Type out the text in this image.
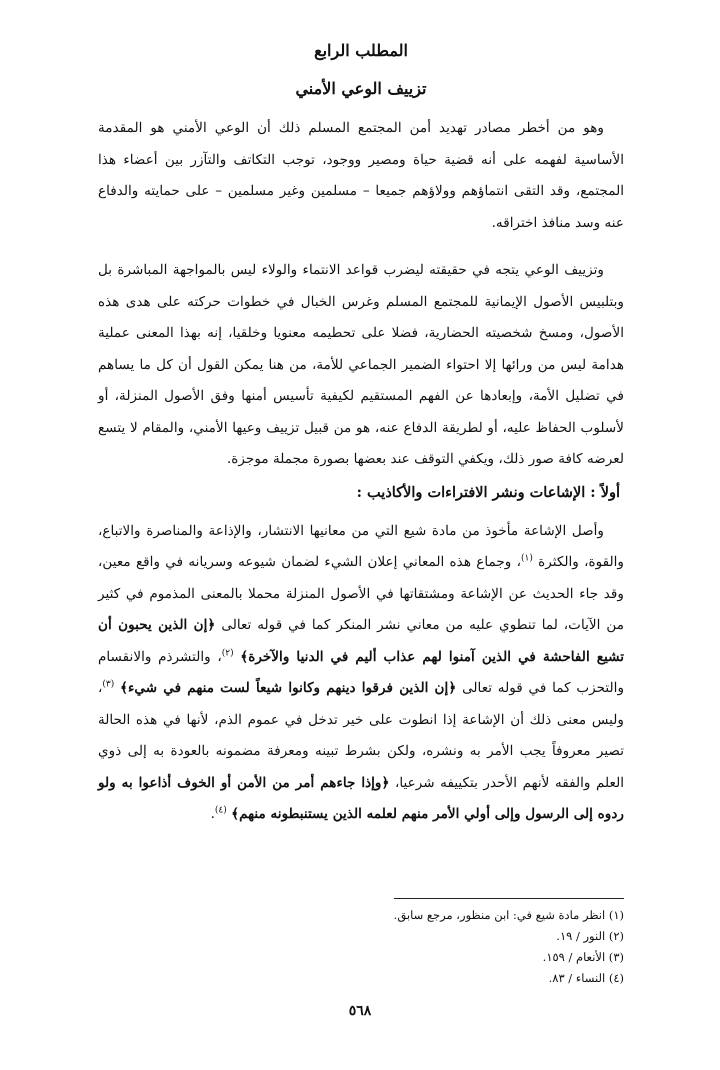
المطلب الرابع
تزييف الوعي الأمني

وهو من أخطر مصادر تهديد أمن المجتمع المسلم ذلك أن الوعي الأمني هو المقدمة الأساسية لفهمه على أنه قضية حياة ومصير ووجود، توجب التكاتف والتآزر بين أعضاء هذا المجتمع، وقد التقى انتماؤهم وولاؤهم جميعا – مسلمين وغير مسلمين – على حمايته والدفاع عنه وسد منافذ اختراقه.

وتزييف الوعي يتجه في حقيقته ليضرب قواعد الانتماء والولاء ليس بالمواجهة المباشرة بل وبتلبيس الأصول الإيمانية للمجتمع المسلم وغرس الخبال في خطوات حركته على هدى هذه الأصول، ومسخ شخصيته الحضارية، فضلا على تحطيمه معنويا وخلقيا، إنه بهذا المعنى عملية هدامة ليس من ورائها إلا احتواء الضمير الجماعي للأمة، من هنا يمكن القول أن كل ما يساهم في تضليل الأمة، وإبعادها عن الفهم المستقيم لكيفية تأسيس أمنها وفق الأصول المنزلة، أو لأسلوب الحفاظ عليه، أو لطريقة الدفاع عنه، هو من قبيل تزييف وعيها الأمني، والمقام لا يتسع لعرضه كافة صور ذلك، ويكفي التوقف عند بعضها بصورة مجملة موجزة.

أولاً : الإشاعات ونشر الافتراءات والأكاذيب :

وأصل الإشاعة مأخوذ من مادة شيع التي من معانيها الانتشار، والإذاعة والمناصرة والاتباع، والقوة، والكثرة $^{(١)}$، وجماع هذه المعاني إعلان الشيء لضمان شيوعه وسريانه في واقع معين، وقد جاء الحديث عن الإشاعة ومشتقاتها في الأصول المنزلة محملا بالمعنى المذموم في كثير من الآيات، لما تنطوي عليه من معاني نشر المنكر كما في قوله تعالى ﴿إن الذين يحبون أن تشيع الفاحشة في الذين آمنوا لهم عذاب أليم في الدنيا والآخرة﴾ $^{(٢)}$، والتشرذم والانقسام والتحزب كما في قوله تعالى ﴿إن الذين فرقوا دينهم وكانوا شيعاً لست منهم في شيء﴾ $^{(٣)}$، وليس معنى ذلك أن الإشاعة إذا انطوت على خير تدخل في عموم الذم، لأنها في هذه الحالة تصير معروفاً يجب الأمر به ونشره، ولكن بشرط تبينه ومعرفة مضمونه بالعودة به إلى ذوي العلم والفقه لأنهم الأحدر بتكييفه شرعيا، ﴿وإذا جاءهم أمر من الأمن أو الخوف أذاعوا به ولو ردوه إلى الرسول وإلى أولي الأمر منهم لعلمه الذين يستنبطونه منهم﴾ $^{(٤)}$.

(١) انظر مادة شيع في: ابن منظور، مرجع سابق.

(٢) النور / ١٩.

(٣) الأنعام / ١٥٩.

(٤) النساء / ٨٣.

٥٦٨
